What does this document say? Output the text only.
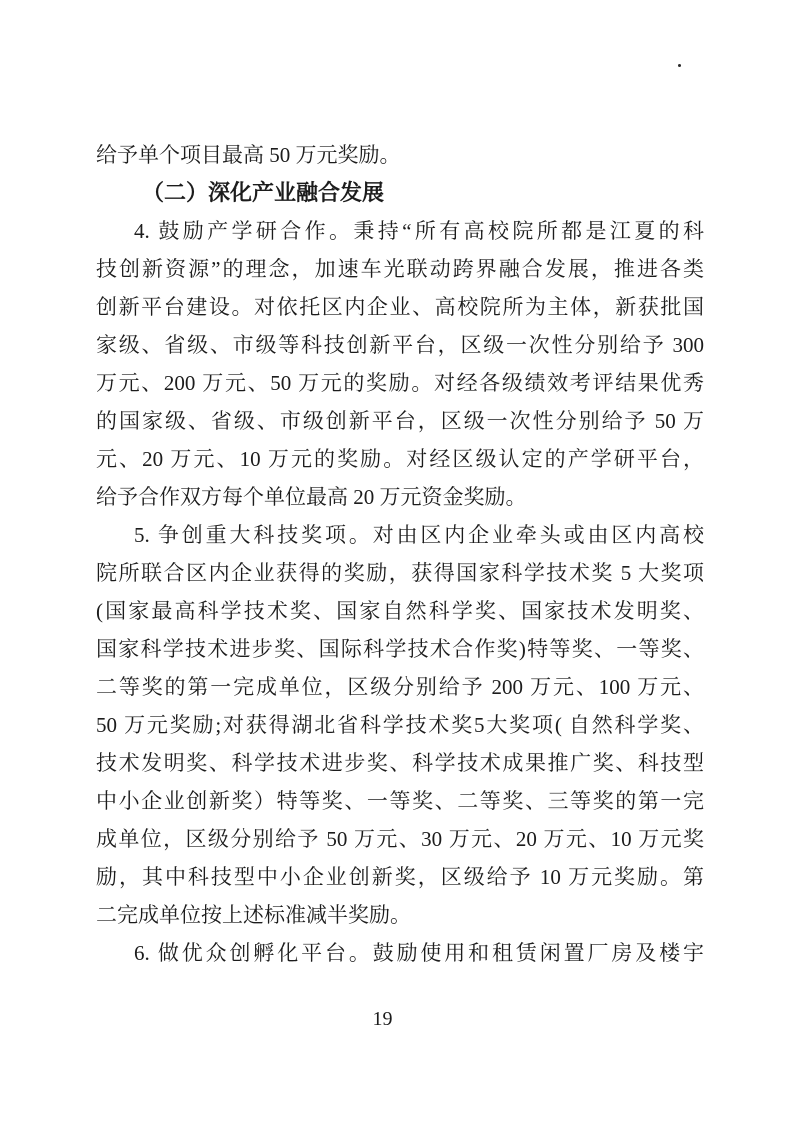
给予单个项目最高 50 万元奖励。
（二）深化产业融合发展
4. 鼓励产学研合作。秉持“所有高校院所都是江夏的科
技创新资源”的理念，加速车光联动跨界融合发展，推进各类
创新平台建设。对依托区内企业、高校院所为主体，新获批国
家级、省级、市级等科技创新平台，区级一次性分别给予 300
万元、200 万元、50 万元的奖励。对经各级绩效考评结果优秀
的国家级、省级、市级创新平台，区级一次性分别给予 50 万
元、20 万元、10 万元的奖励。对经区级认定的产学研平台，
给予合作双方每个单位最高 20 万元资金奖励。
5. 争创重大科技奖项。对由区内企业牵头或由区内高校
院所联合区内企业获得的奖励，获得国家科学技术奖 5 大奖项
(国家最高科学技术奖、国家自然科学奖、国家技术发明奖、
国家科学技术进步奖、国际科学技术合作奖)特等奖、一等奖、
二等奖的第一完成单位，区级分别给予 200 万元、100 万元、
50 万元奖励;对获得湖北省科学技术奖5大奖项( 自然科学奖、
技术发明奖、科学技术进步奖、科学技术成果推广奖、科技型
中小企业创新奖）特等奖、一等奖、二等奖、三等奖的第一完
成单位，区级分别给予 50 万元、30 万元、20 万元、10 万元奖
励，其中科技型中小企业创新奖，区级给予 10 万元奖励。第
二完成单位按上述标准减半奖励。
6. 做优众创孵化平台。鼓励使用和租赁闲置厂房及楼宇
19
